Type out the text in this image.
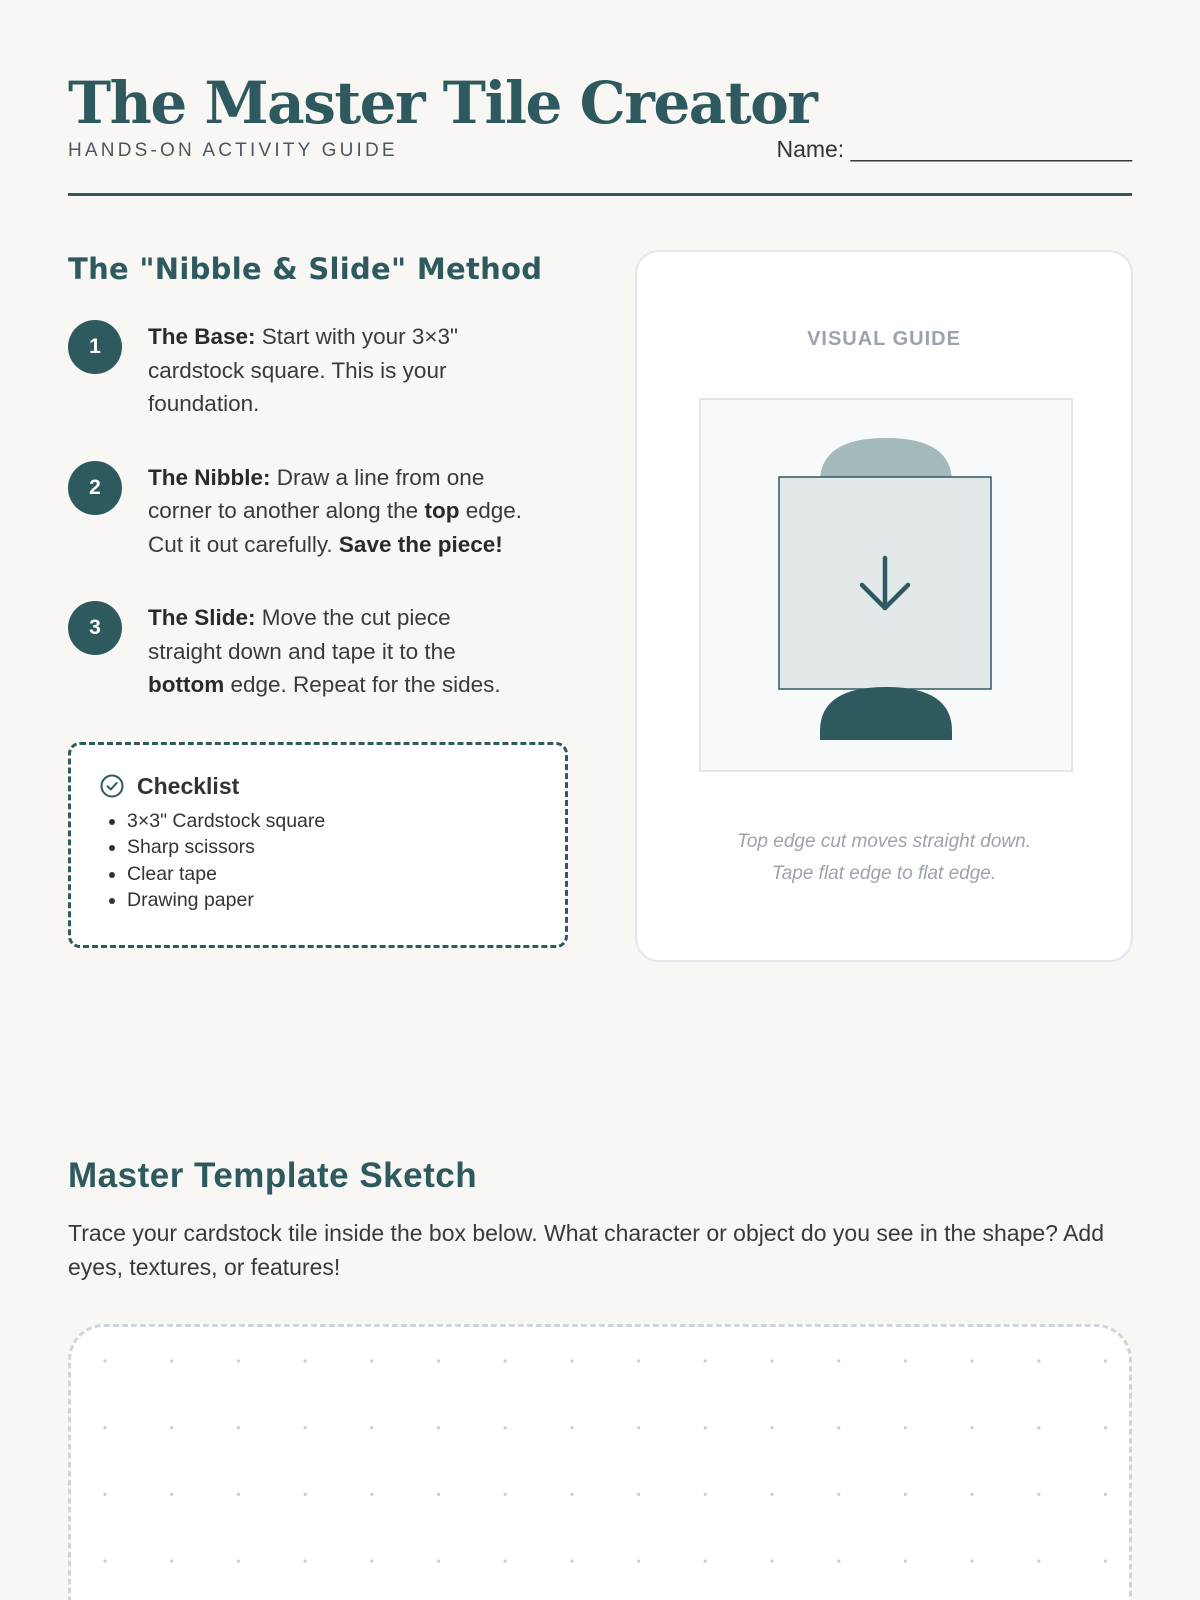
The Master Tile Creator
HANDS-ON ACTIVITY GUIDE	Name: ______________________
The "Nibble & Slide" Method
1	The Base: Start with your 3×3"
cardstock square. This is your
foundation.
2	The Nibble: Draw a line from one
corner to another along the top edge.
Cut it out carefully. Save the piece!
3	The Slide: Move the cut piece
straight down and tape it to the
bottom edge. Repeat for the sides.
Checklist
• 3×3" Cardstock square
• Sharp scissors
• Clear tape
• Drawing paper
VISUAL GUIDE
Top edge cut moves straight down.
Tape flat edge to flat edge.
Master Template Sketch

Trace your cardstock tile inside the box below. What character or object do you see in the shape? Add eyes, textures, or features!
